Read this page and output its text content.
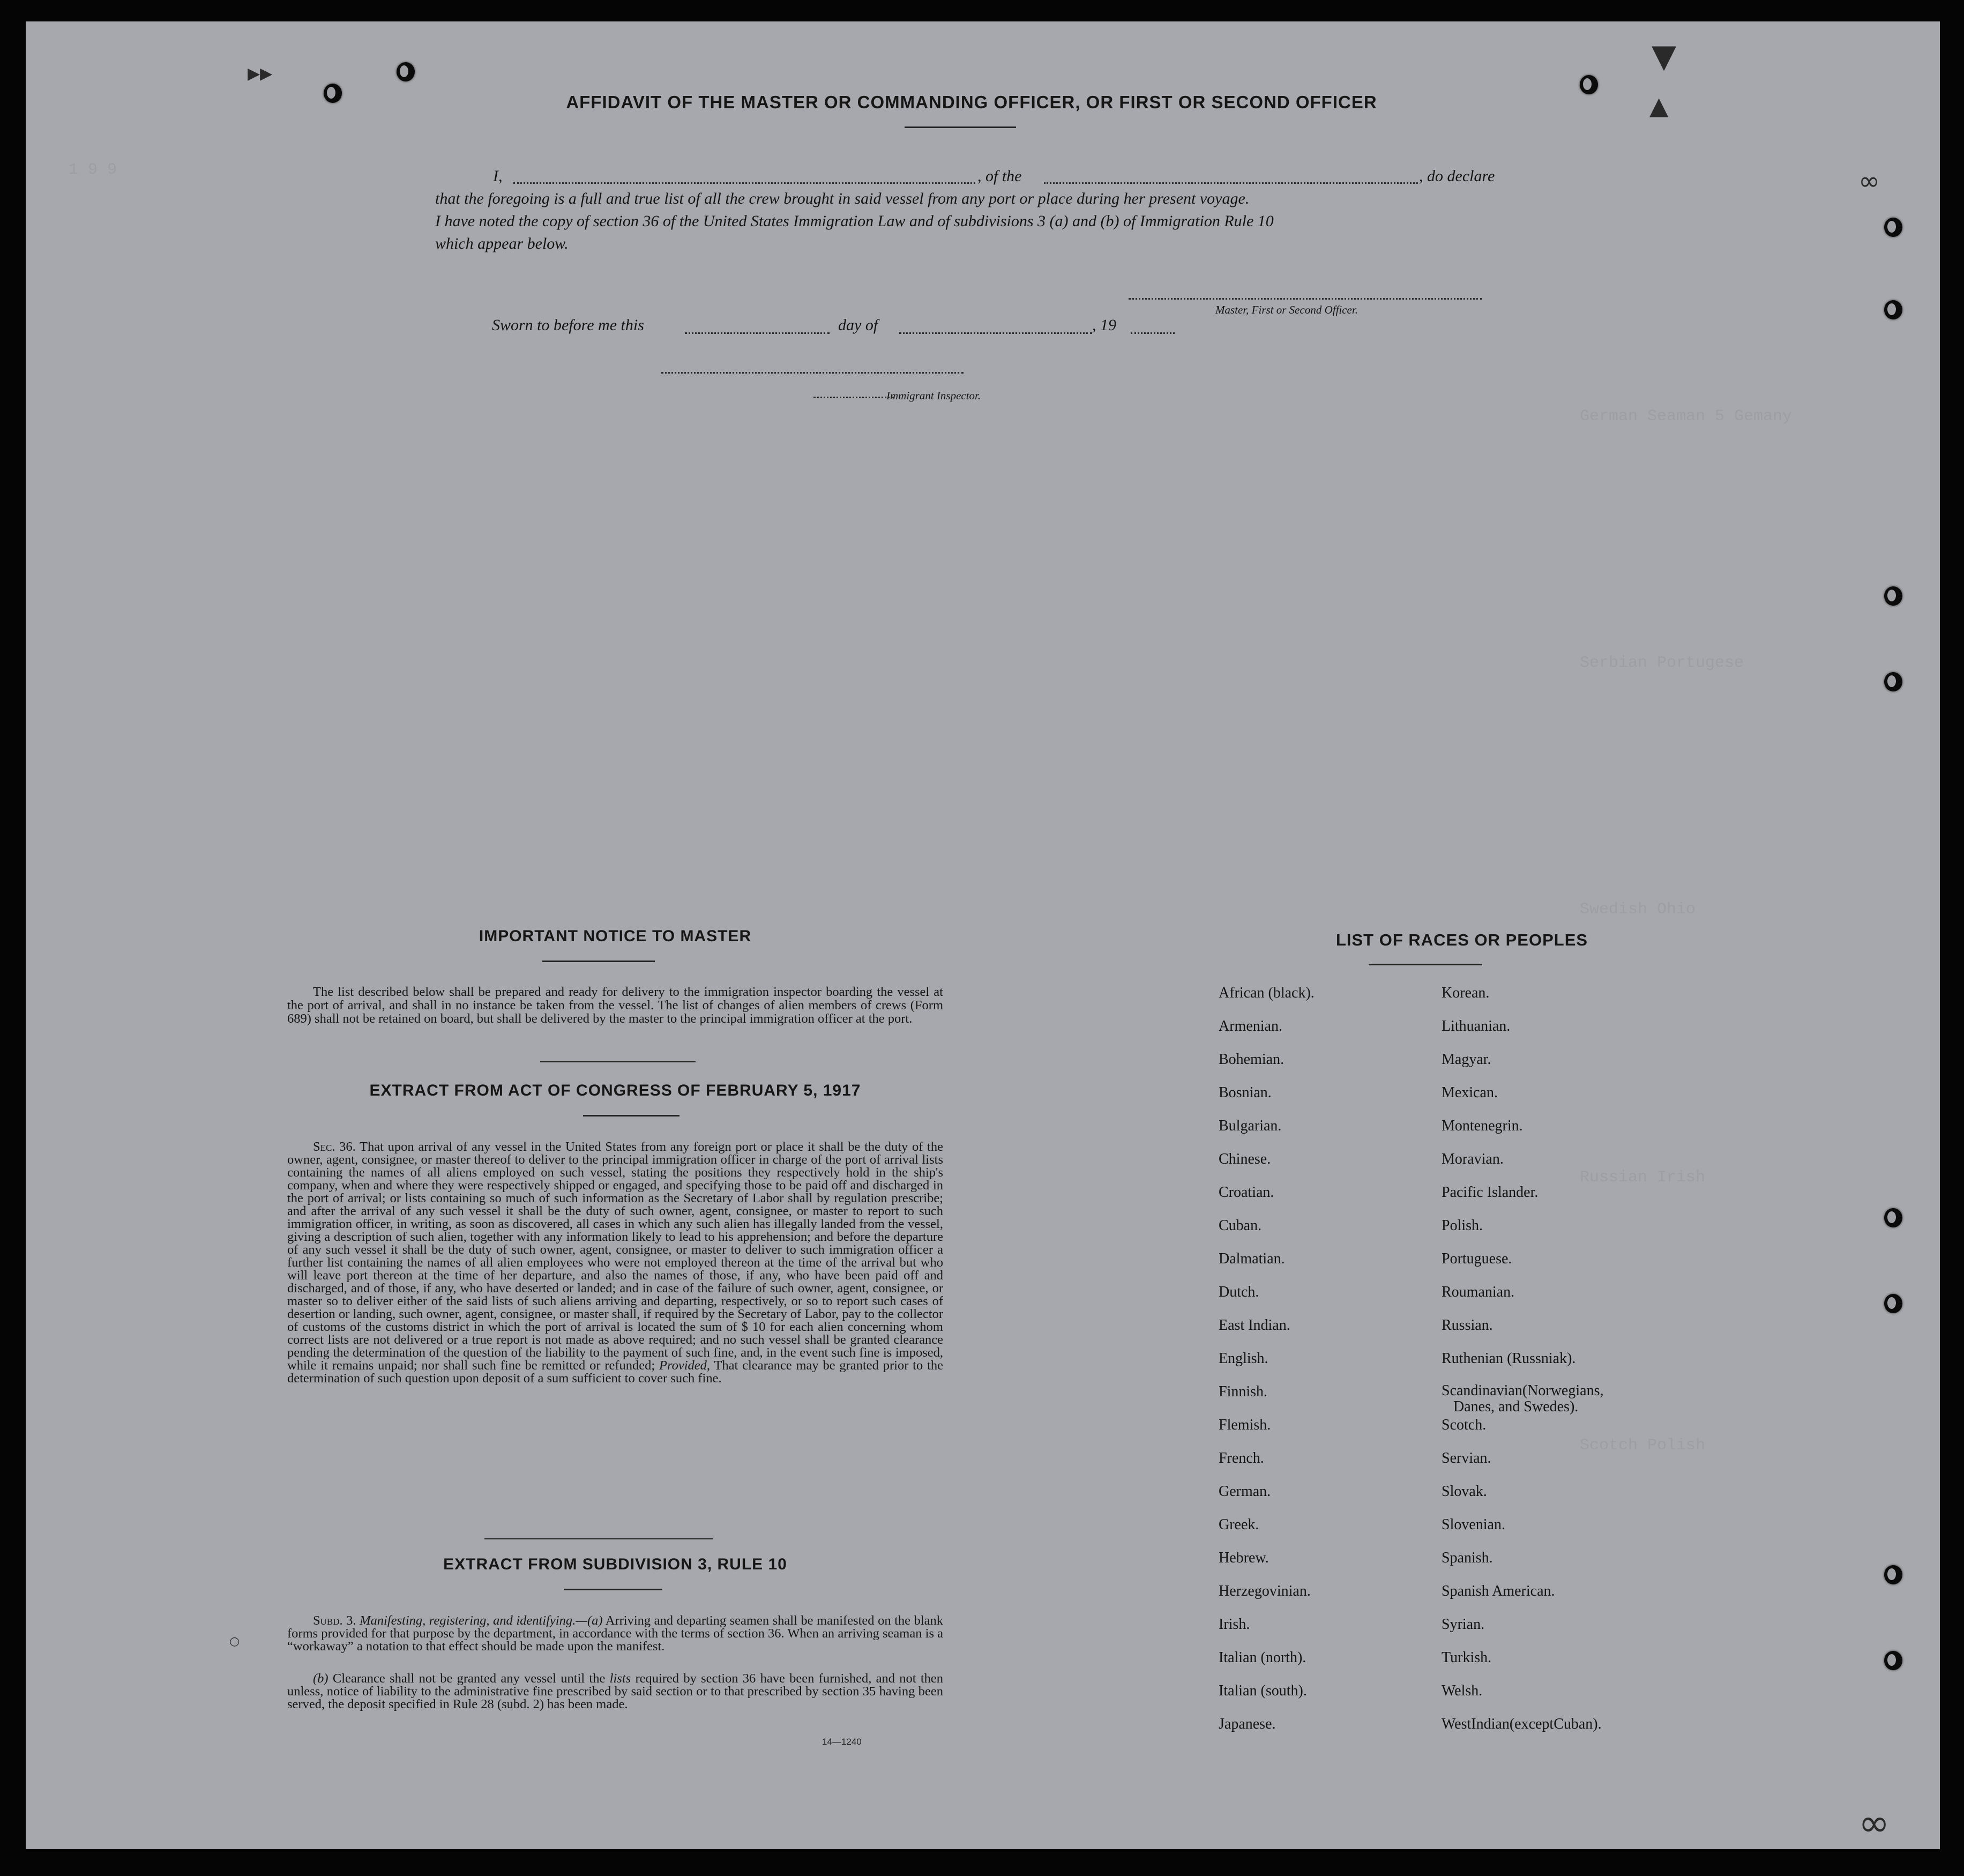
▼
▲
▶▶
∞
∞
1 9 9
German Seaman 5 Gemany
Serbian Portugese
Swedish Ohio
Russian Irish
Scotch Polish
AFFIDAVIT OF THE MASTER OR COMMANDING OFFICER, OR FIRST OR SECOND OFFICER
I,	, of the	, do declare
that the foregoing is a full and true list of all the crew brought in said vessel from any port or place during her present voyage.
I have noted the copy of section 36 of the United States Immigration Law and of subdivisions 3 (a) and (b) of Immigration Rule 10
which appear below.
Master, First or Second Officer.
Sworn to before me this	day of	, 19
Immigrant Inspector.
IMPORTANT NOTICE TO MASTER
The list described below shall be prepared and ready for delivery to the immigration inspector boarding the vessel at the port of arrival, and shall in no instance be taken from the vessel. The list of changes of alien members of crews (Form 689) shall not be retained on board, but shall be delivered by the master to the principal immigration officer at the port.
EXTRACT FROM ACT OF CONGRESS OF FEBRUARY 5, 1917

Sec. 36. That upon arrival of any vessel in the United States from any foreign port or place it shall be the duty of the owner, agent, consignee, or master thereof to deliver to the principal immigration officer in charge of the port of arrival lists containing the names of all aliens employed on such vessel, stating the positions they respectively hold in the ship's company, when and where they were respectively shipped or engaged, and specifying those to be paid off and discharged in the port of arrival; or lists containing so much of such information as the Secretary of Labor shall by regulation prescribe; and after the arrival of any such vessel it shall be the duty of such owner, agent, consignee, or master to report to such immigration officer, in writing, as soon as discovered, all cases in which any such alien has illegally landed from the vessel, giving a description of such alien, together with any information likely to lead to his apprehension; and before the departure of any such vessel it shall be the duty of such owner, agent, consignee, or master to deliver to such immigration officer a further list containing the names of all alien employees who were not employed thereon at the time of the arrival but who will leave port thereon at the time of her departure, and also the names of those, if any, who have been paid off and discharged, and of those, if any, who have deserted or landed; and in case of the failure of such owner, agent, consignee, or master so to deliver either of the said lists of such aliens arriving and departing, respectively, or so to report such cases of desertion or landing, such owner, agent, consignee, or master shall, if required by the Secretary of Labor, pay to the collector of customs of the customs district in which the port of arrival is located the sum of $ 10 for each alien concerning whom correct lists are not delivered or a true report is not made as above required; and no such vessel shall be granted clearance pending the determination of the question of the liability to the payment of such fine, and, in the event such fine is imposed, while it remains unpaid; nor shall such fine be remitted or refunded; Provided, That clearance may be granted prior to the determination of such question upon deposit of a sum sufficient to cover such fine.

EXTRACT FROM SUBDIVISION 3, RULE 10

Subd. 3. Manifesting, registering, and identifying.—(a) Arriving and departing seamen shall be manifested on the blank forms provided for that purpose by the department, in accordance with the terms of section 36. When an arriving seaman is a “workaway” a notation to that effect should be made upon the manifest.

(b) Clearance shall not be granted any vessel until the lists required by section 36 have been furnished, and not then unless, notice of liability to the administrative fine prescribed by said section or to that prescribed by section 35 having been served, the deposit specified in Rule 28 (subd. 2) has been made.

14—1240
○
LIST OF RACES OR PEOPLES
African (black).
Armenian.
Bohemian.
Bosnian.
Bulgarian.
Chinese.
Croatian.
Cuban.
Dalmatian.
Dutch.
East Indian.
English.
Finnish.
Flemish.
French.
German.
Greek.
Hebrew.
Herzegovinian.
Irish.
Italian (north).
Italian (south).
Japanese.
Korean.
Lithuanian.
Magyar.
Mexican.
Montenegrin.
Moravian.
Pacific Islander.
Polish.
Portuguese.
Roumanian.
Russian.
Ruthenian (Russniak).
Scandinavian(Norwegians,
Danes, and Swedes).
Scotch.
Servian.
Slovak.
Slovenian.
Spanish.
Spanish American.
Syrian.
Turkish.
Welsh.
WestIndian(exceptCuban).
